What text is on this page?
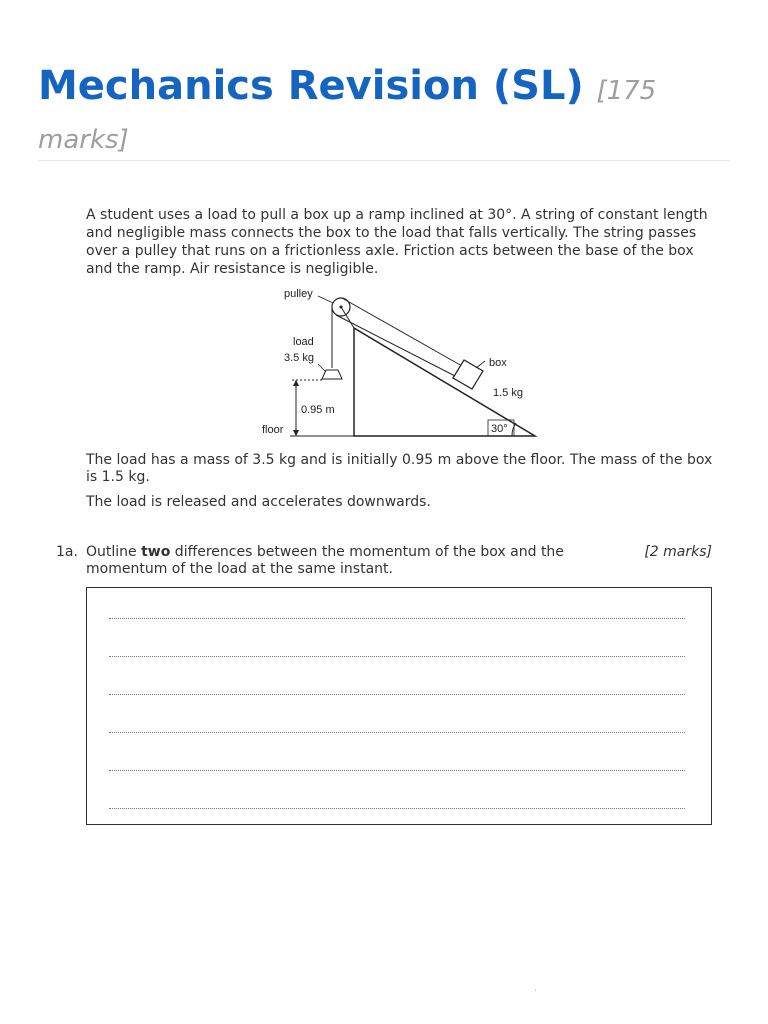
Mechanics Revision (SL) [175 marks]

A student uses a load to pull a box up a ramp inclined at 30°. A string of constant length and negligible mass connects the box to the load that falls vertically. The string passes over a pulley that runs on a frictionless axle. Friction acts between the base of the box and the ramp. Air resistance is negligible.

pulley
load
3.5 kg	box
1.5 kg
0.95 m
floor	30°

The load has a mass of 3.5 kg and is initially 0.95 m above the floor. The mass of the box is 1.5 kg.

The load is released and accelerates downwards.

1a. Outline two differences between the momentum of the box and the momentum of the load at the same instant.
[2 marks]
·
